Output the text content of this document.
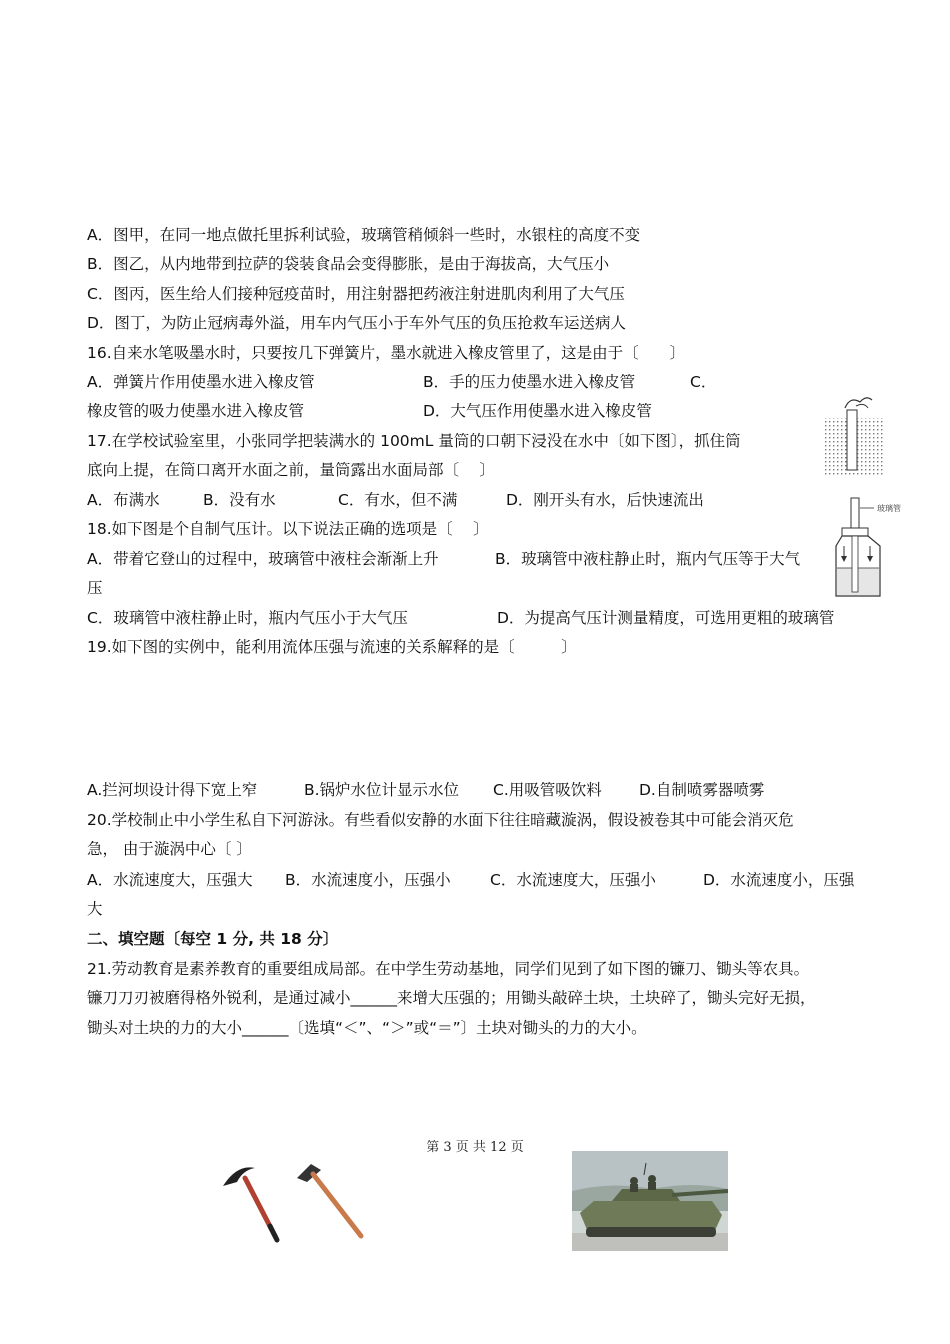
A．图甲，在同一地点做托里拆利试验，玻璃管稍倾斜一些时，水银柱的高度不变
B．图乙，从内地带到拉萨的袋装食品会变得膨胀，是由于海拔高，大气压小
C．图丙，医生给人们接种冠疫苗时，用注射器把药液注射进肌肉利用了大气压
D．图丁，为防止冠病毒外溢，用车内气压小于车外气压的负压抢救车运送病人
16.自来水笔吸墨水时，只要按几下弹簧片，墨水就进入橡皮管里了，这是由于〔　　〕
A．弹簧片作用使墨水进入橡皮管	B．手的压力使墨水进入橡皮管	C．
橡皮管的吸力使墨水进入橡皮管	D．大气压作用使墨水进入橡皮管
17.在学校试验室里，小张同学把装满水的 100mL 量筒的口朝下浸没在水中〔如下图〕，抓住筒
底向上提，在筒口离开水面之前，量筒露出水面局部〔　 〕
A．布满水	B．没有水	C．有水，但不满	D．刚开头有水，后快速流出
18.如下图是个自制气压计。以下说法正确的选项是〔　 〕
A．带着它登山的过程中，玻璃管中液柱会渐渐上升	B．玻璃管中液柱静止时，瓶内气压等于大气
压
C．玻璃管中液柱静止时，瓶内气压小于大气压	D．为提高气压计测量精度，可选用更粗的玻璃管
19.如下图的实例中，能利用流体压强与流速的关系解释的是〔　　　〕
A.拦河坝设计得下宽上窄	B.锅炉水位计显示水位 C.用吸管吸饮料 D.自制喷雾器喷雾
20.学校制止中小学生私自下河游泳。有些看似安静的水面下往往暗藏漩涡，假设被卷其中可能会消灭危
急， 由于漩涡中心〔 〕
A．水流速度大，压强大 B．水流速度小，压强小	C．水流速度大，压强小	D．水流速度小，压强
大
二、填空题〔每空 1 分, 共 18 分〕
21.劳动教育是素养教育的重要组成局部。在中学生劳动基地，同学们见到了如下图的镰刀、锄头等农具。
镰刀刀刃被磨得格外锐利，是通过减小______来增大压强的；用锄头敲碎土块，土块碎了，锄头完好无损，
锄头对土块的力的大小______〔选填“＜”、“＞”或“＝”〕土块对锄头的力的大小。
第 3 页 共 12 页
玻璃管
